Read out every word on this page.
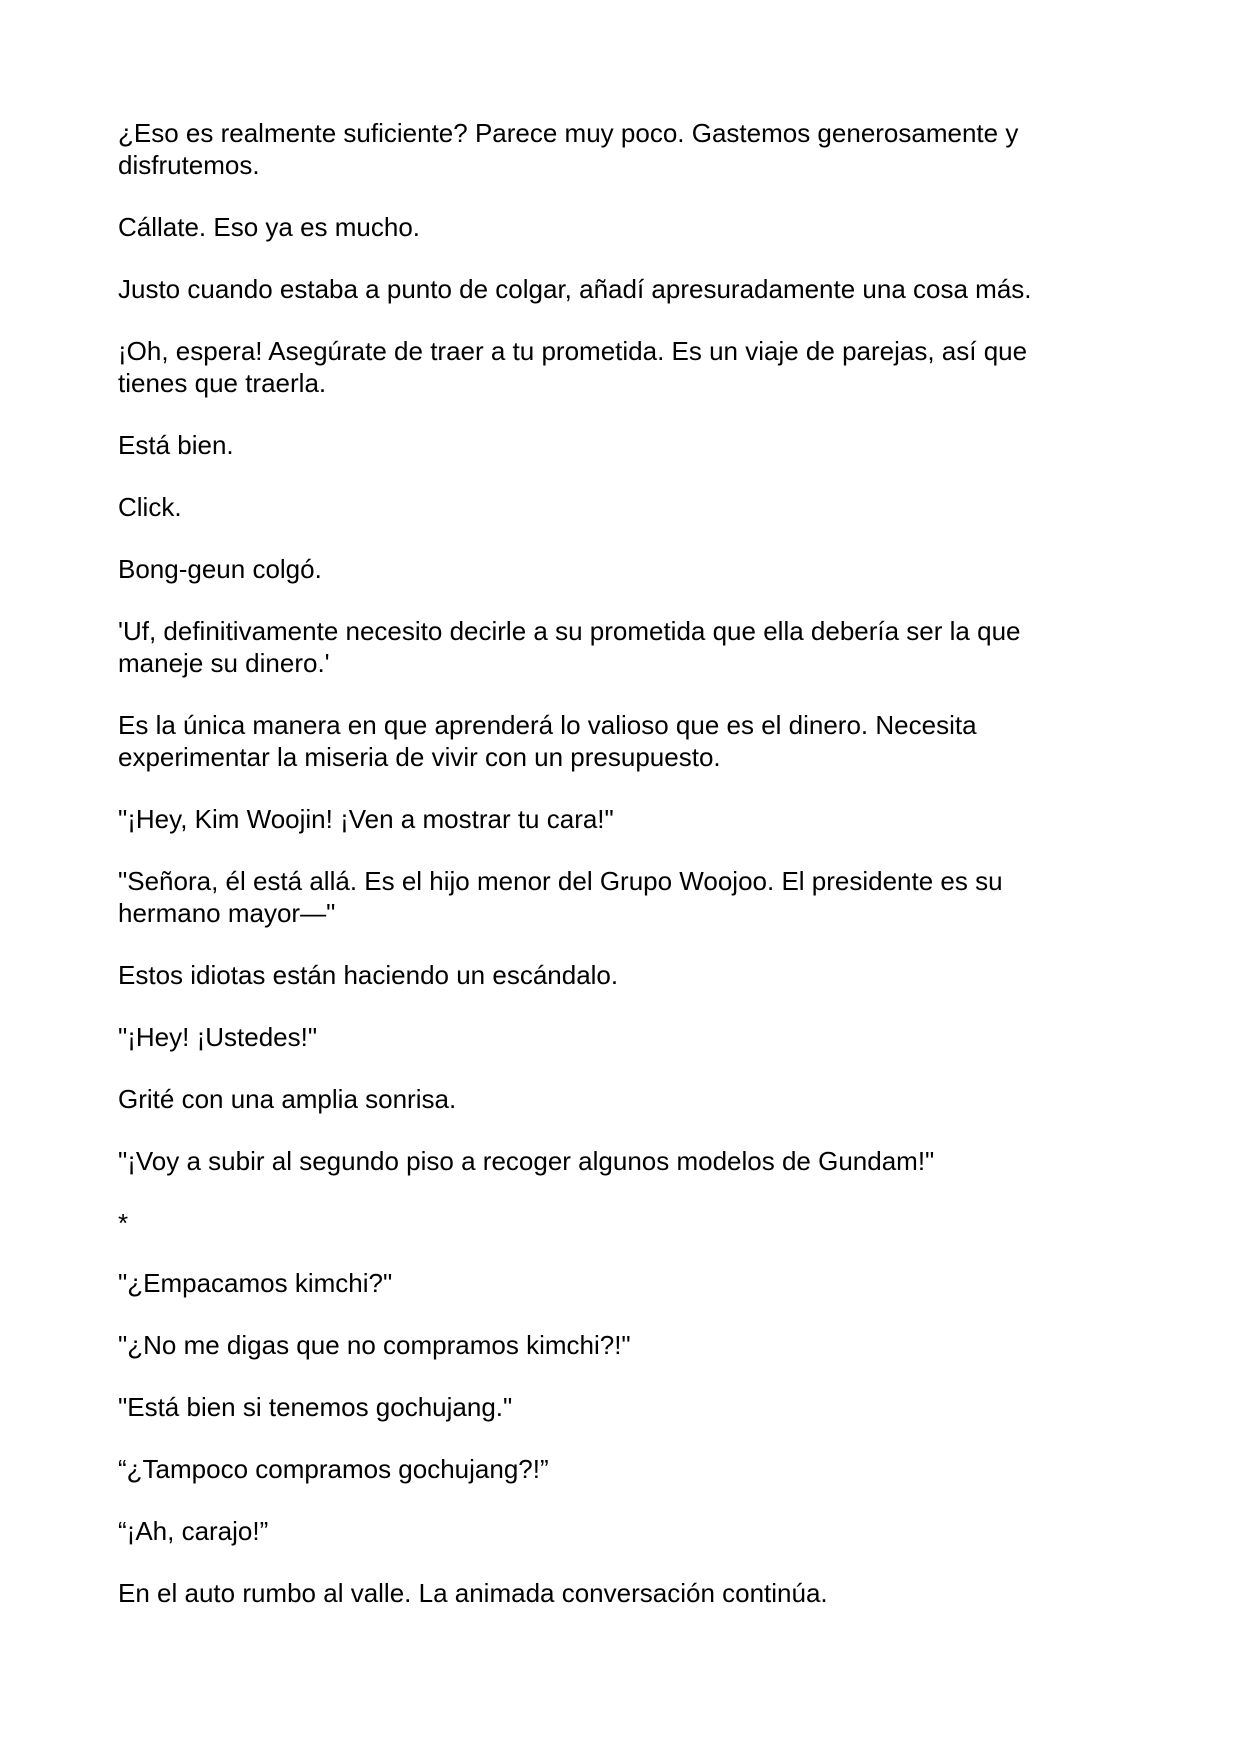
¿Eso es realmente suficiente? Parece muy poco. Gastemos generosamente y disfrutemos.

Cállate. Eso ya es mucho.

Justo cuando estaba a punto de colgar, añadí apresuradamente una cosa más.

¡Oh, espera! Asegúrate de traer a tu prometida. Es un viaje de parejas, así que tienes que traerla.

Está bien.

Click.

Bong-geun colgó.

'Uf, definitivamente necesito decirle a su prometida que ella debería ser la que maneje su dinero.'

Es la única manera en que aprenderá lo valioso que es el dinero. Necesita experimentar la miseria de vivir con un presupuesto.

"¡Hey, Kim Woojin! ¡Ven a mostrar tu cara!"

"Señora, él está allá. Es el hijo menor del Grupo Woojoo. El presidente es su hermano mayor—"

Estos idiotas están haciendo un escándalo.

"¡Hey! ¡Ustedes!"

Grité con una amplia sonrisa.

"¡Voy a subir al segundo piso a recoger algunos modelos de Gundam!"

*

"¿Empacamos kimchi?"

"¿No me digas que no compramos kimchi?!"

"Está bien si tenemos gochujang."

“¿Tampoco compramos gochujang?!”

“¡Ah, carajo!”

En el auto rumbo al valle. La animada conversación continúa.
